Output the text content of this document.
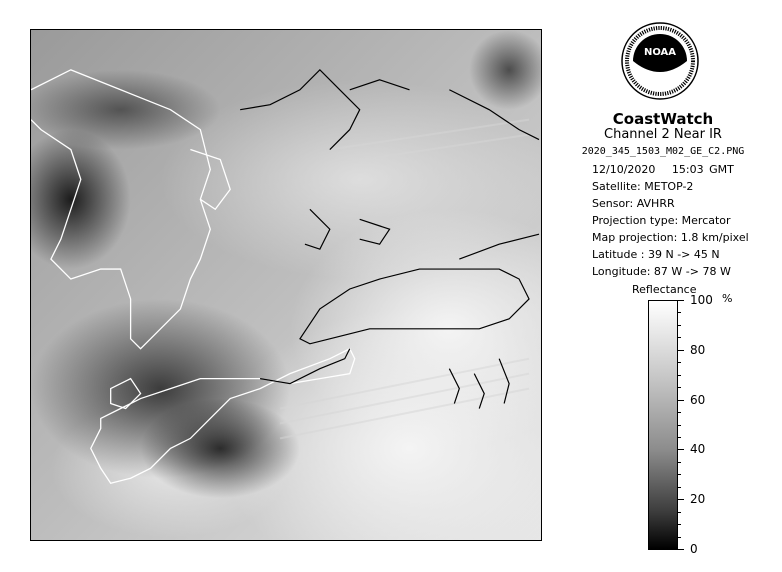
NOAA
CoastWatch
Channel 2 Near IR
2020_345_1503_M02_GE_C2.PNG
12/10/2020 15:03 GMT
Satellite: METOP-2
Sensor: AVHRR
Projection type: Mercator
Map projection: 1.8 km/pixel
Latitude : 39 N -> 45 N
Longitude: 87 W -> 78 W
Reflectance
100
80
60
40
20
0
%
